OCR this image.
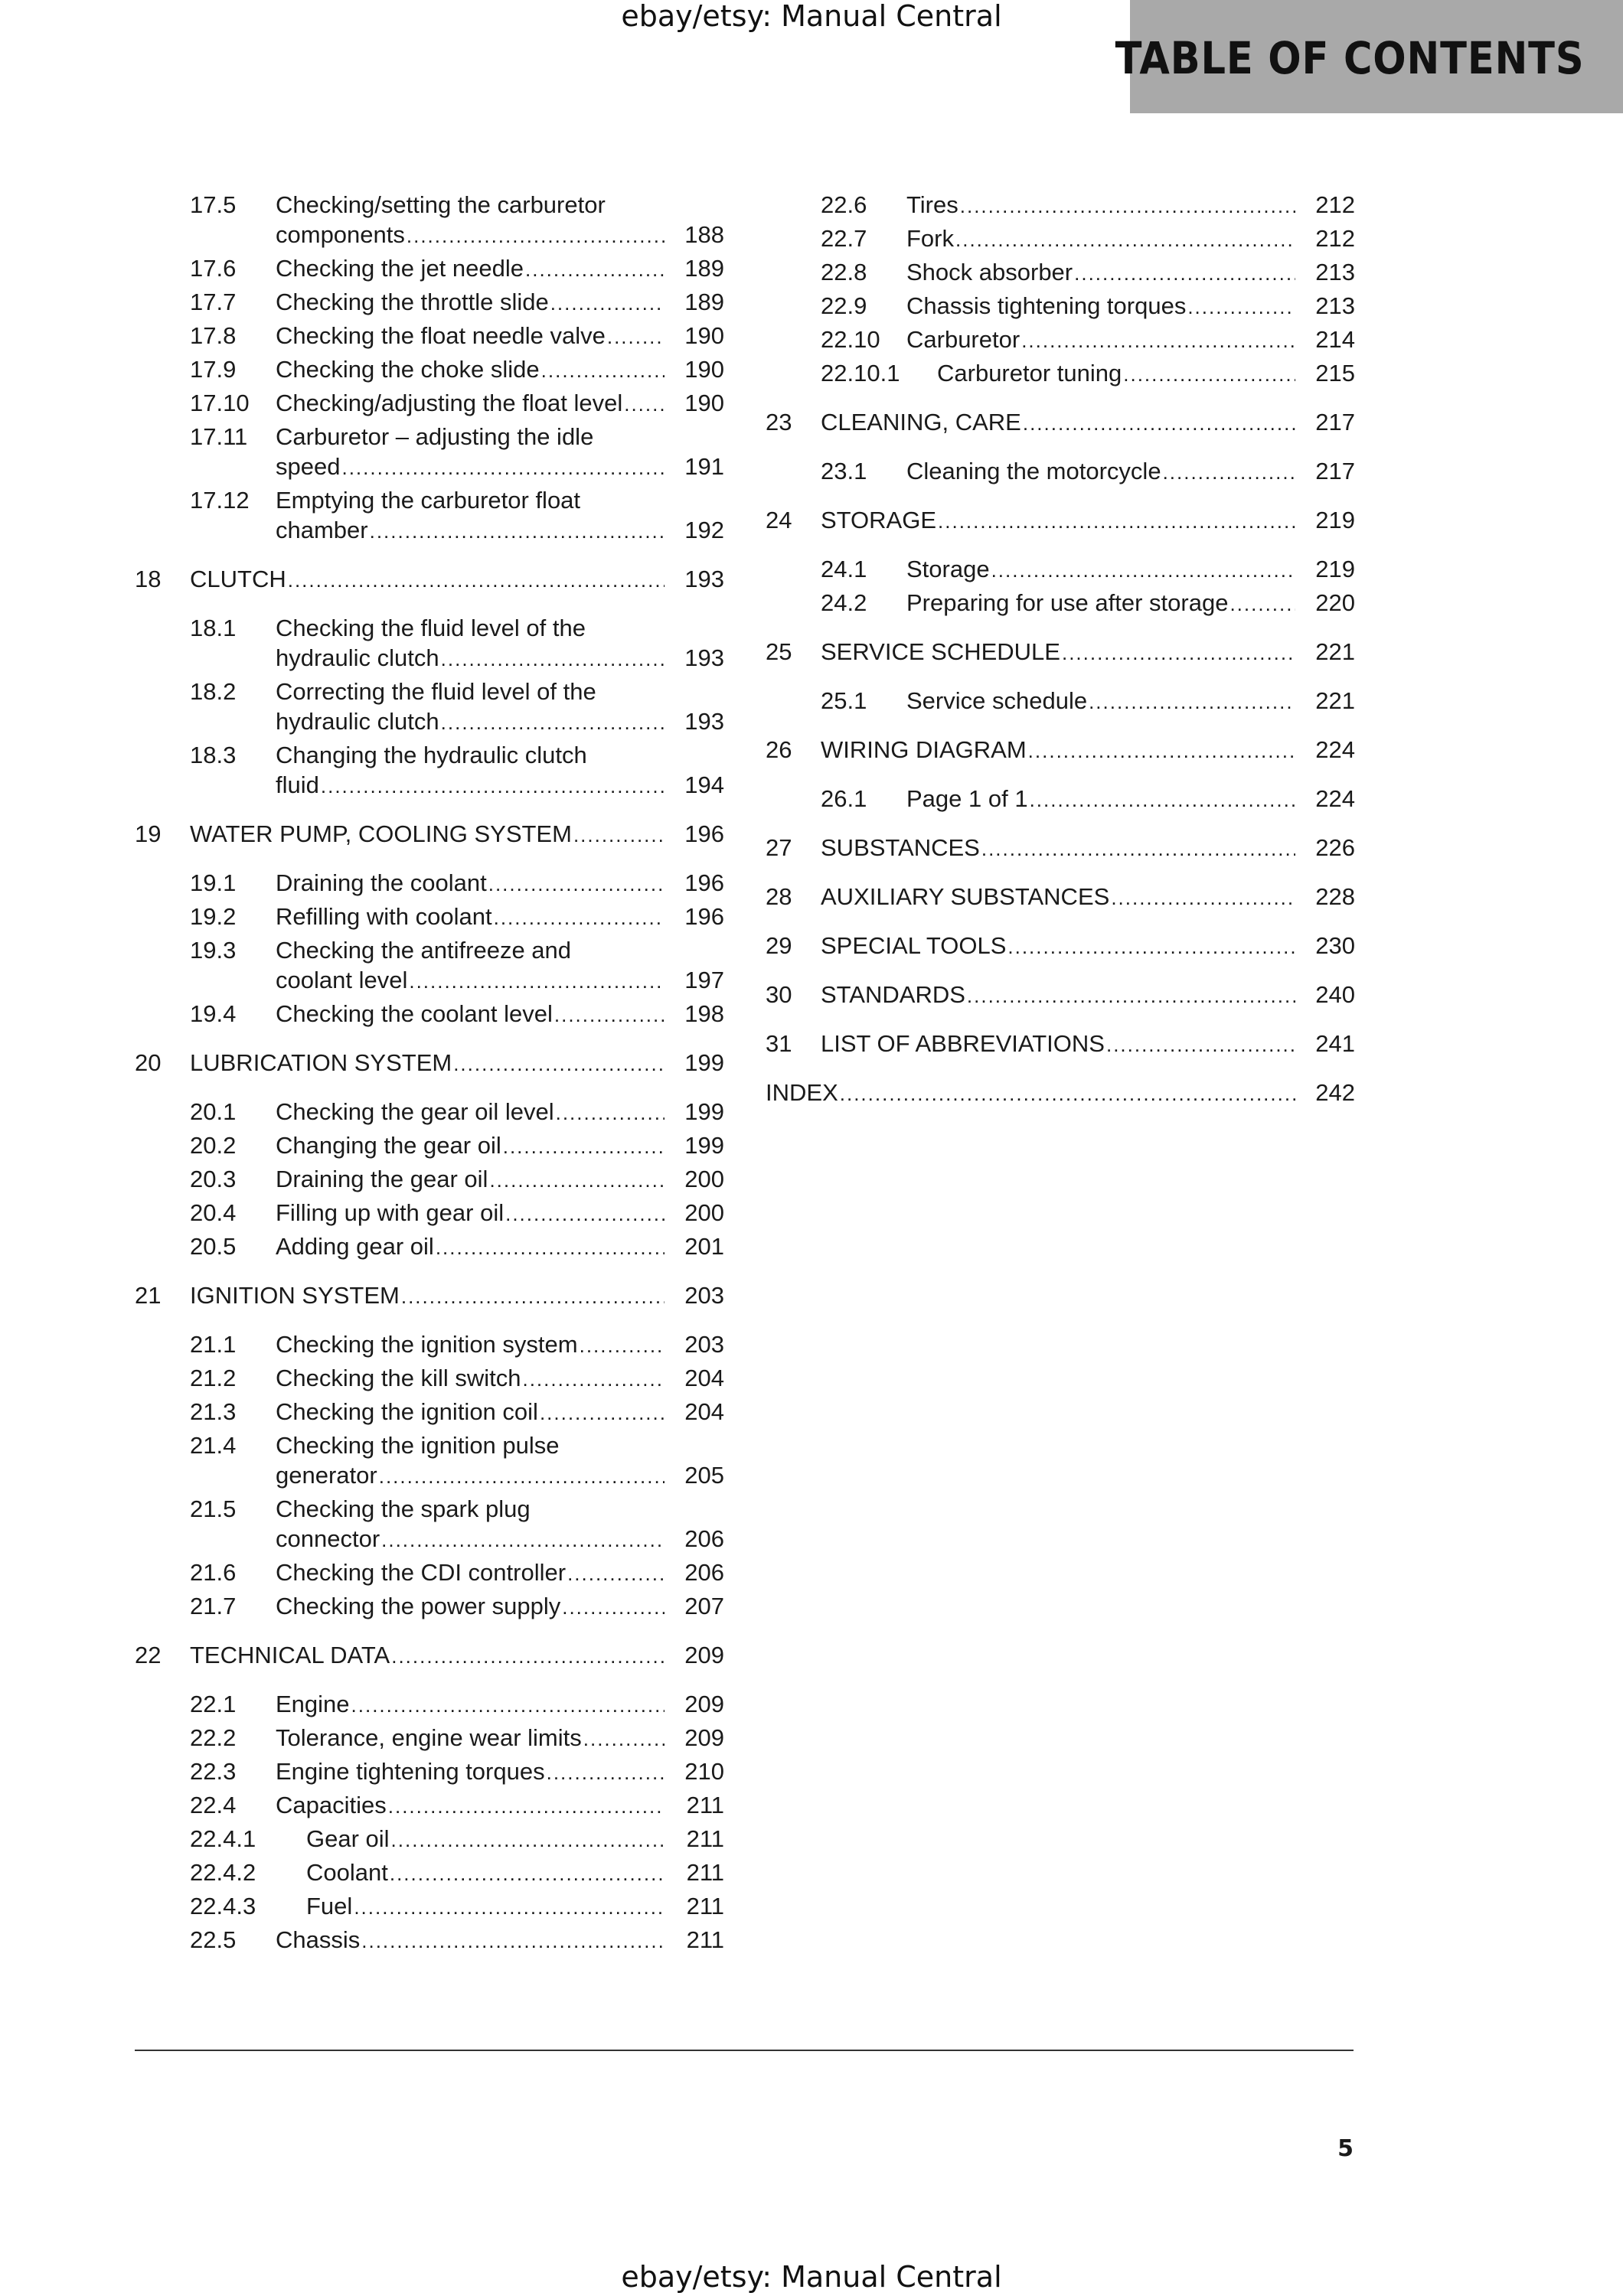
ebay/etsy: Manual Central
TABLE OF CONTENTS
17.5 Checking/setting the carburetor
components .....	188
17.6 Checking the jet needle .....	189
17.7 Checking the throttle slide .....	189
17.8 Checking the float needle valve .....	190
17.9 Checking the choke slide .....	190
17.10 Checking/adjusting the float level .....	190
17.11 Carburetor – adjusting the idle
speed .....	191
17.12 Emptying the carburetor float
chamber .....	192
18 CLUTCH .....	193
18.1 Checking the fluid level of the
hydraulic clutch .....	193
18.2 Correcting the fluid level of the
hydraulic clutch .....	193
18.3 Changing the hydraulic clutch
fluid .....	194
19 WATER PUMP, COOLING SYSTEM .....	196
19.1 Draining the coolant .....	196
19.2 Refilling with coolant .....	196
19.3 Checking the antifreeze and
coolant level .....	197
19.4 Checking the coolant level .....	198
20 LUBRICATION SYSTEM .....	199
20.1 Checking the gear oil level .....	199
20.2 Changing the gear oil .....	199
20.3 Draining the gear oil .....	200
20.4 Filling up with gear oil .....	200
20.5 Adding gear oil .....	201
21 IGNITION SYSTEM .....	203
21.1 Checking the ignition system .....	203
21.2 Checking the kill switch .....	204
21.3 Checking the ignition coil .....	204
21.4 Checking the ignition pulse
generator .....	205
21.5 Checking the spark plug
connector .....	206
21.6 Checking the CDI controller .....	206
21.7 Checking the power supply .....	207
22 TECHNICAL DATA .....	209
22.1 Engine .....	209
22.2 Tolerance, engine wear limits .....	209
22.3 Engine tightening torques .....	210
22.4 Capacities .....	211
22.4.1 Gear oil .....	211
22.4.2 Coolant .....	211
22.4.3 Fuel .....	211
22.5 Chassis .....	211
22.6 Tires .....	212
22.7 Fork .....	212
22.8 Shock absorber .....	213
22.9 Chassis tightening torques .....	213
22.10 Carburetor .....	214
22.10.1 Carburetor tuning .....	215
23 CLEANING, CARE .....	217
23.1 Cleaning the motorcycle .....	217
24 STORAGE .....	219
24.1 Storage .....	219
24.2 Preparing for use after storage .....	220
25 SERVICE SCHEDULE .....	221
25.1 Service schedule .....	221
26 WIRING DIAGRAM .....	224
26.1 Page 1 of 1 .....	224
27 SUBSTANCES .....	226
28 AUXILIARY SUBSTANCES .....	228
29 SPECIAL TOOLS .....	230
30 STANDARDS .....	240
31 LIST OF ABBREVIATIONS .....	241
INDEX .....	242
5
ebay/etsy: Manual Central
